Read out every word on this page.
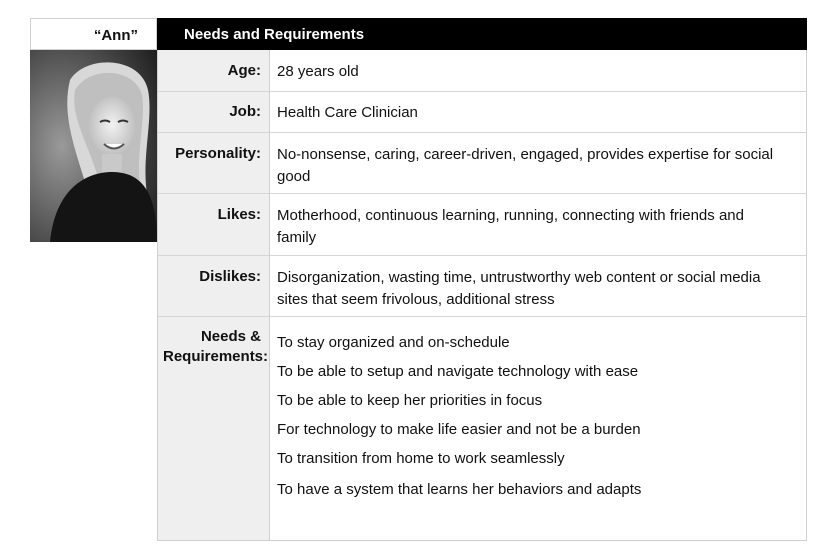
“Ann”	Needs and Requirements
Age: 28 years old
Job: Health Care Clinician
Personality: No-nonsense, caring, career-driven, engaged, provides expertise for social good
Likes: Motherhood, continuous learning, running, connecting with friends and family
Dislikes: Disorganization, wasting time, untrustworthy web content or social media sites that seem frivolous, additional stress
Needs & Requirements:
To stay organized and on-schedule
To be able to setup and navigate technology with ease
To be able to keep her priorities in focus
For technology to make life easier and not be a burden
To transition from home to work seamlessly
To have a system that learns her behaviors and adapts
